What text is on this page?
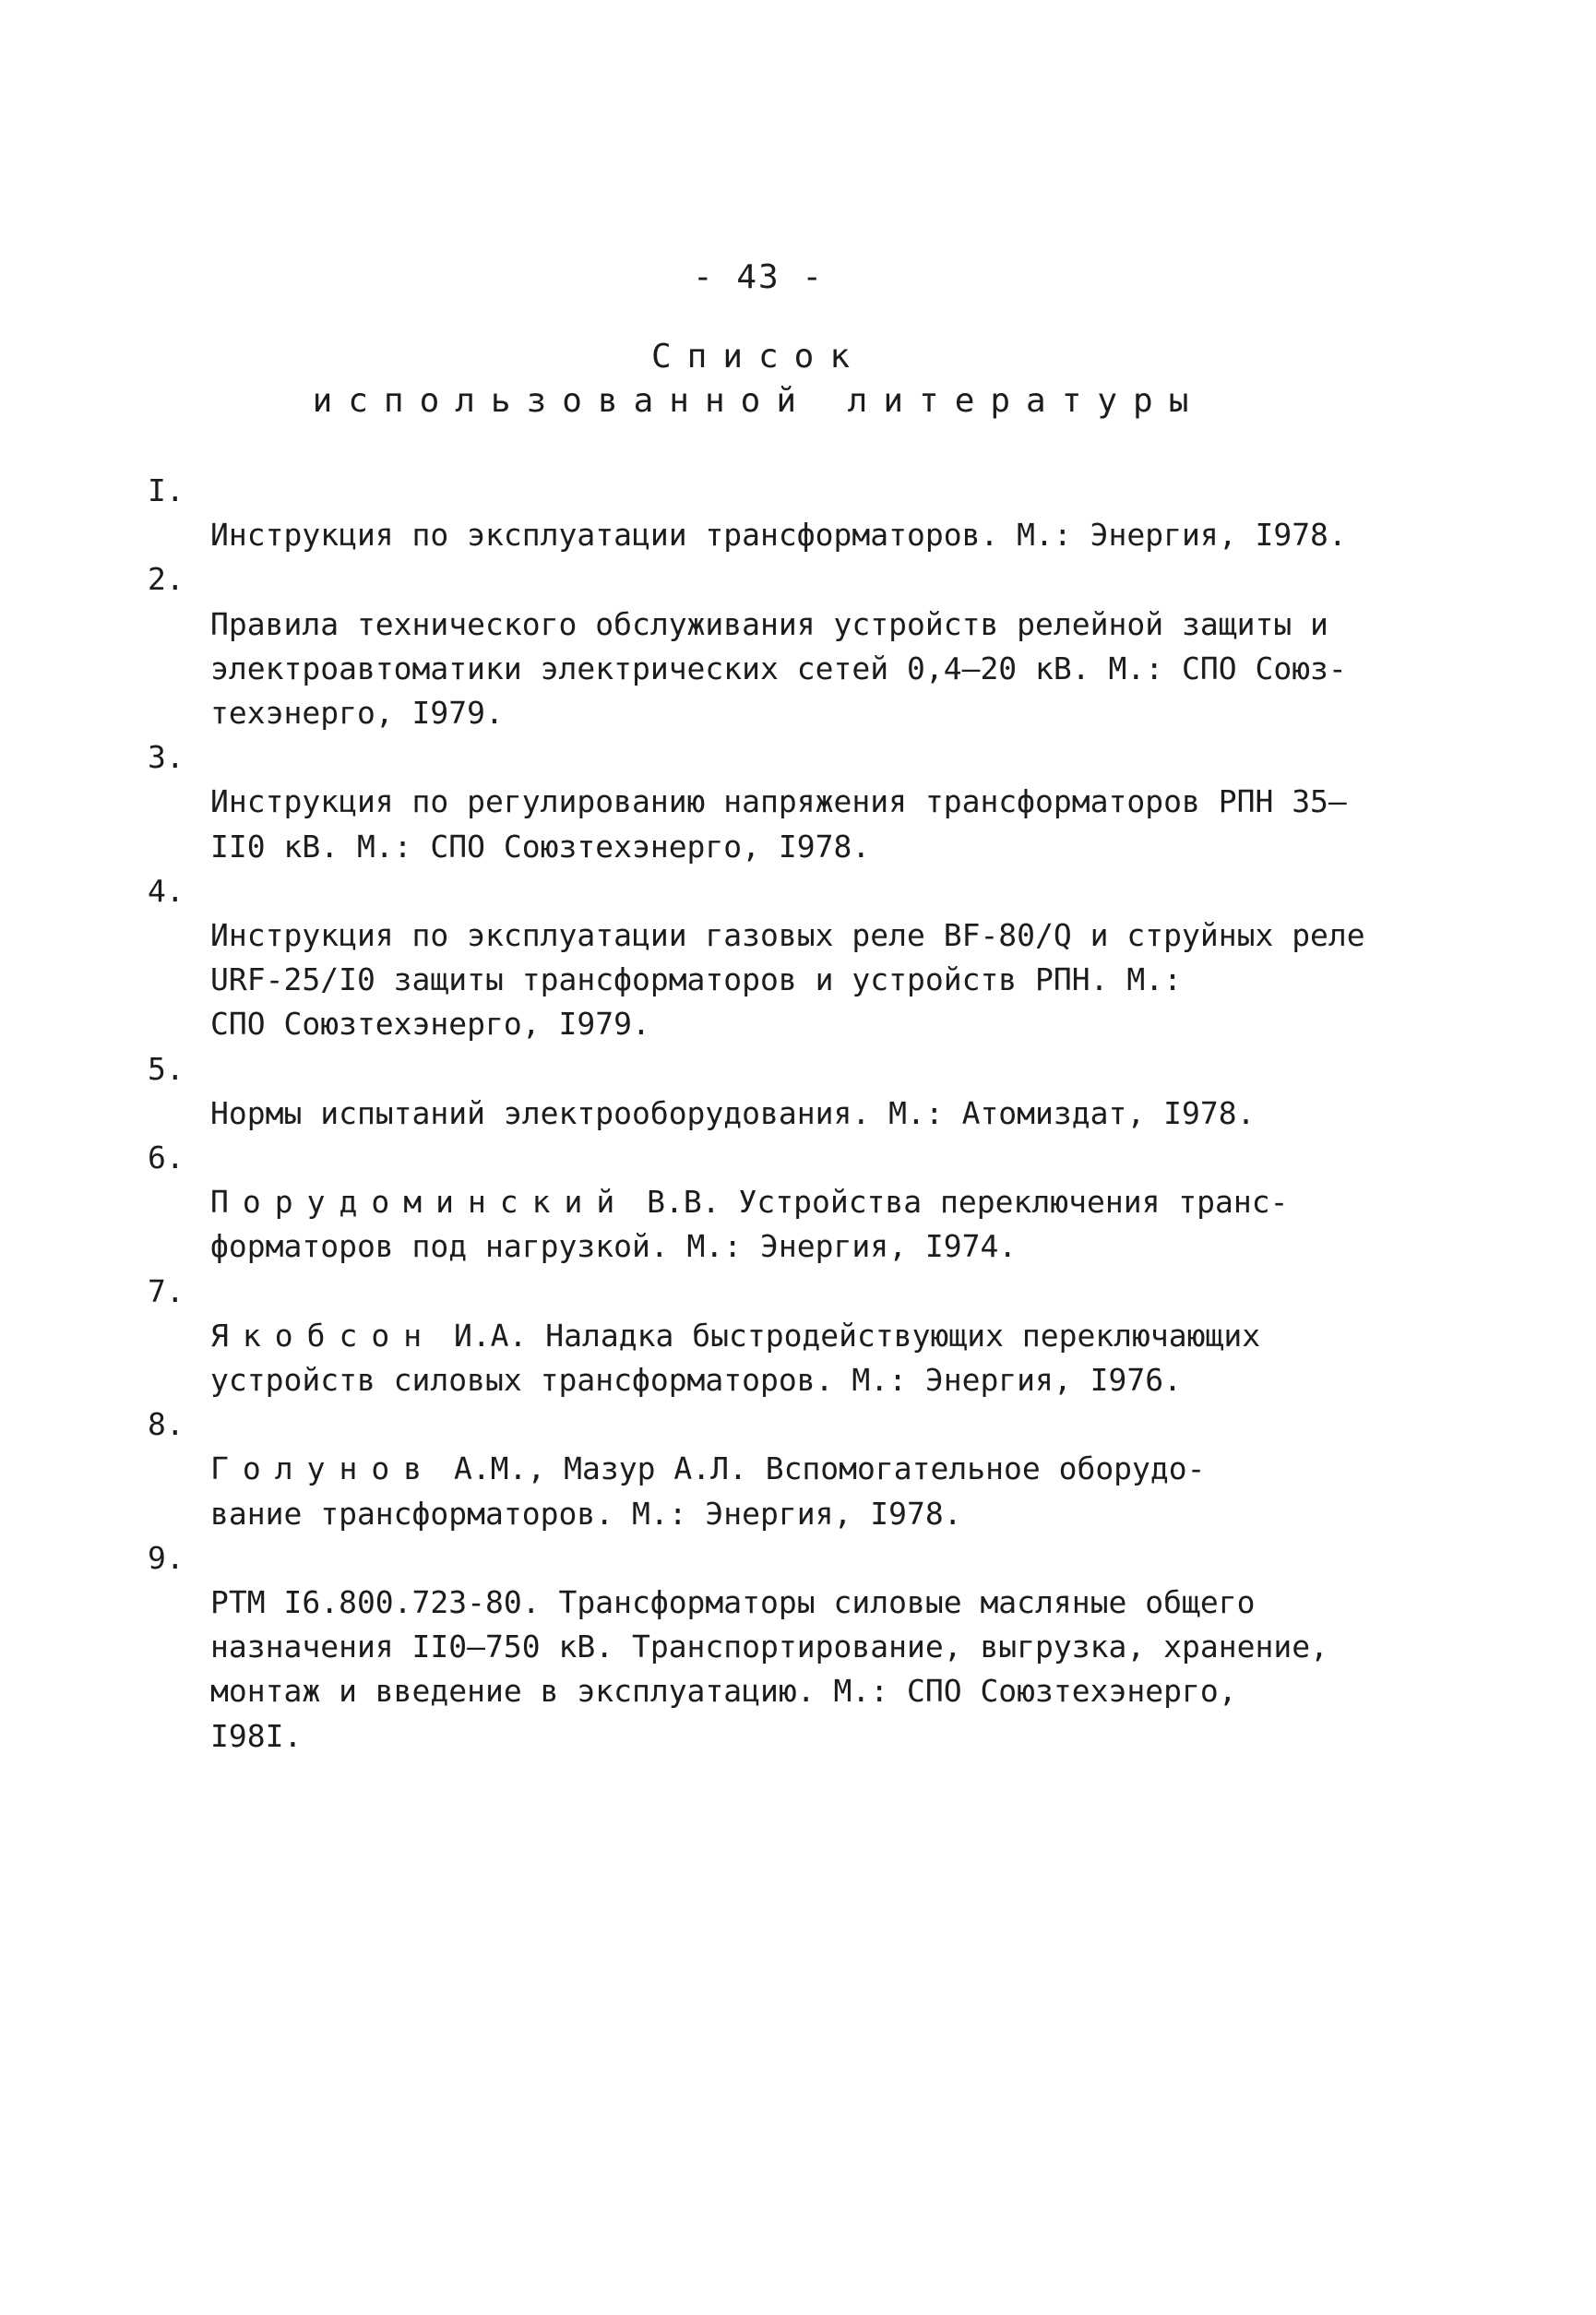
- 43 -
Список
использованной литературы

I.
Инструкция по эксплуатации трансформаторов. М.: Энергия, I978.

2.
Правила технического обслуживания устройств релейной защиты и электроавтоматики электрических сетей 0,4–20 кВ. М.: СПО Союз-
техэнерго, I979.

3.
Инструкция по регулированию напряжения трансформаторов РПН 35–II0 кВ. М.: СПО Союзтехэнерго, I978.

4.
Инструкция по эксплуатации газовых реле BF-80/Q и струйных реле URF-25/I0 защиты трансформаторов и устройств РПН. М.:
СПО Союзтехэнерго, I979.

5.
Нормы испытаний электрооборудования. М.: Атомиздат, I978.

6.
Порудоминский В.В. Устройства переключения транс-
форматоров под нагрузкой. М.: Энергия, I974.

7.
Якобсон И.А. Наладка быстродействующих переключающих
устройств силовых трансформаторов. М.: Энергия, I976.

8.
Голунов А.М., Мазур А.Л. Вспомогательное оборудо-
вание трансформаторов. М.: Энергия, I978.

9.
РТМ I6.800.723-80. Трансформаторы силовые масляные общего
назначения II0–750 кВ. Транспортирование, выгрузка, хранение,
монтаж и введение в эксплуатацию. М.: СПО Союзтехэнерго,
I98I.
